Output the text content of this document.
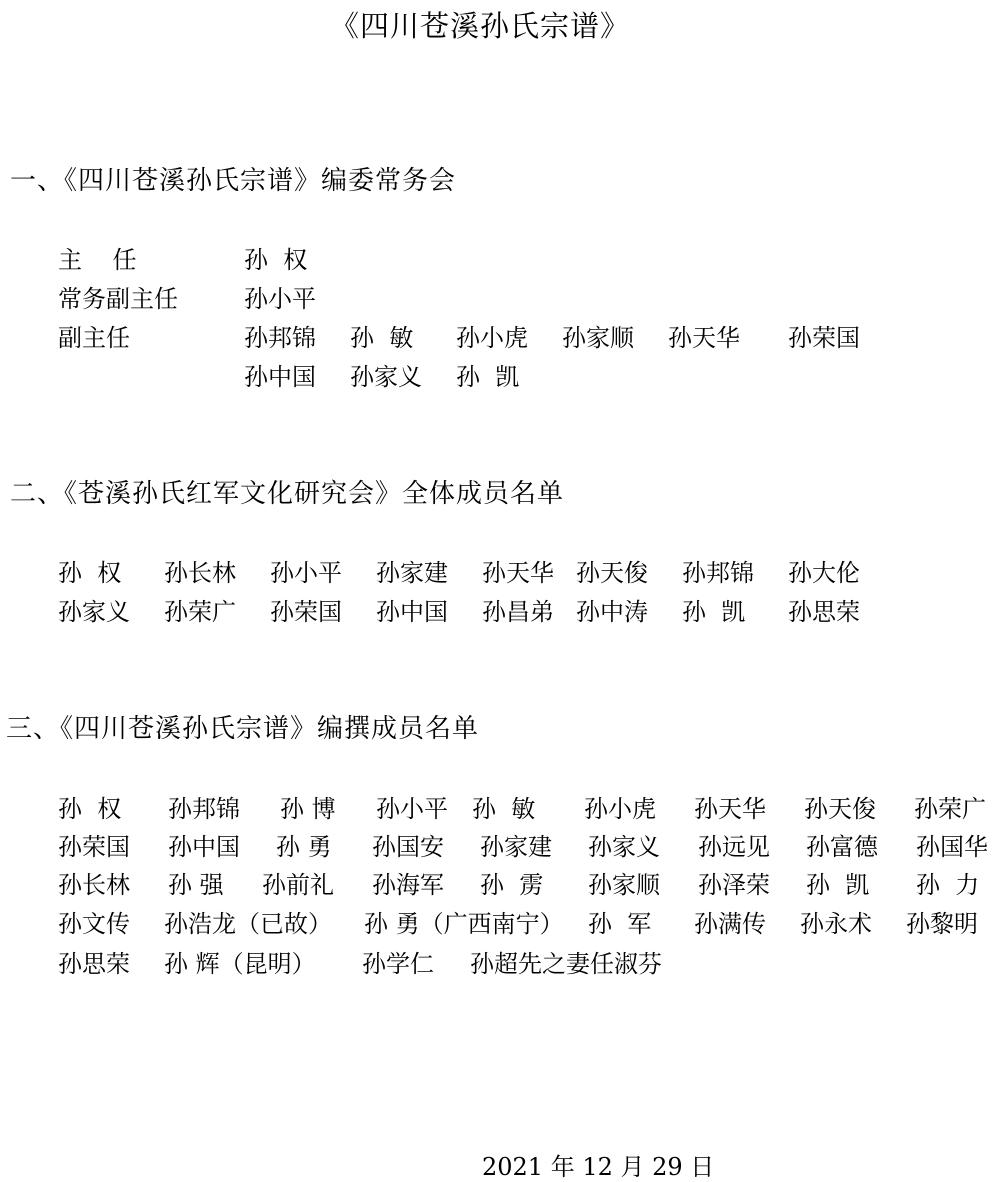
《四川苍溪孙氏宗谱》
一、《四川苍溪孙氏宗谱》编委常务会
主    任	孙  权
常务副主任	孙小平
副主任	孙邦锦 孙  敏 孙小虎 孙家顺 孙天华 孙荣国
孙中国 孙家义 孙  凯
二、《苍溪孙氏红军文化研究会》全体成员名单
孙  权 孙长林 孙小平 孙家建 孙天华 孙天俊 孙邦锦 孙大伦
孙家义 孙荣广 孙荣国 孙中国 孙昌弟 孙中涛 孙  凯 孙思荣
三、《四川苍溪孙氏宗谱》编撰成员名单
孙  权 孙邦锦 孙 博 孙小平 孙  敏 孙小虎 孙天华 孙天俊 孙荣广
孙荣国 孙中国 孙 勇 孙国安 孙家建 孙家义 孙远见 孙富德 孙国华
孙长林 孙 强 孙前礼 孙海军 孙  雳 孙家顺 孙泽荣 孙  凯 孙  力
孙文传 孙浩龙（已故） 孙 勇（广西南宁） 孙  军 孙满传 孙永术 孙黎明
孙思荣 孙 辉（昆明） 孙学仁 孙超先之妻任淑芬
2021 年 12 月 29 日
